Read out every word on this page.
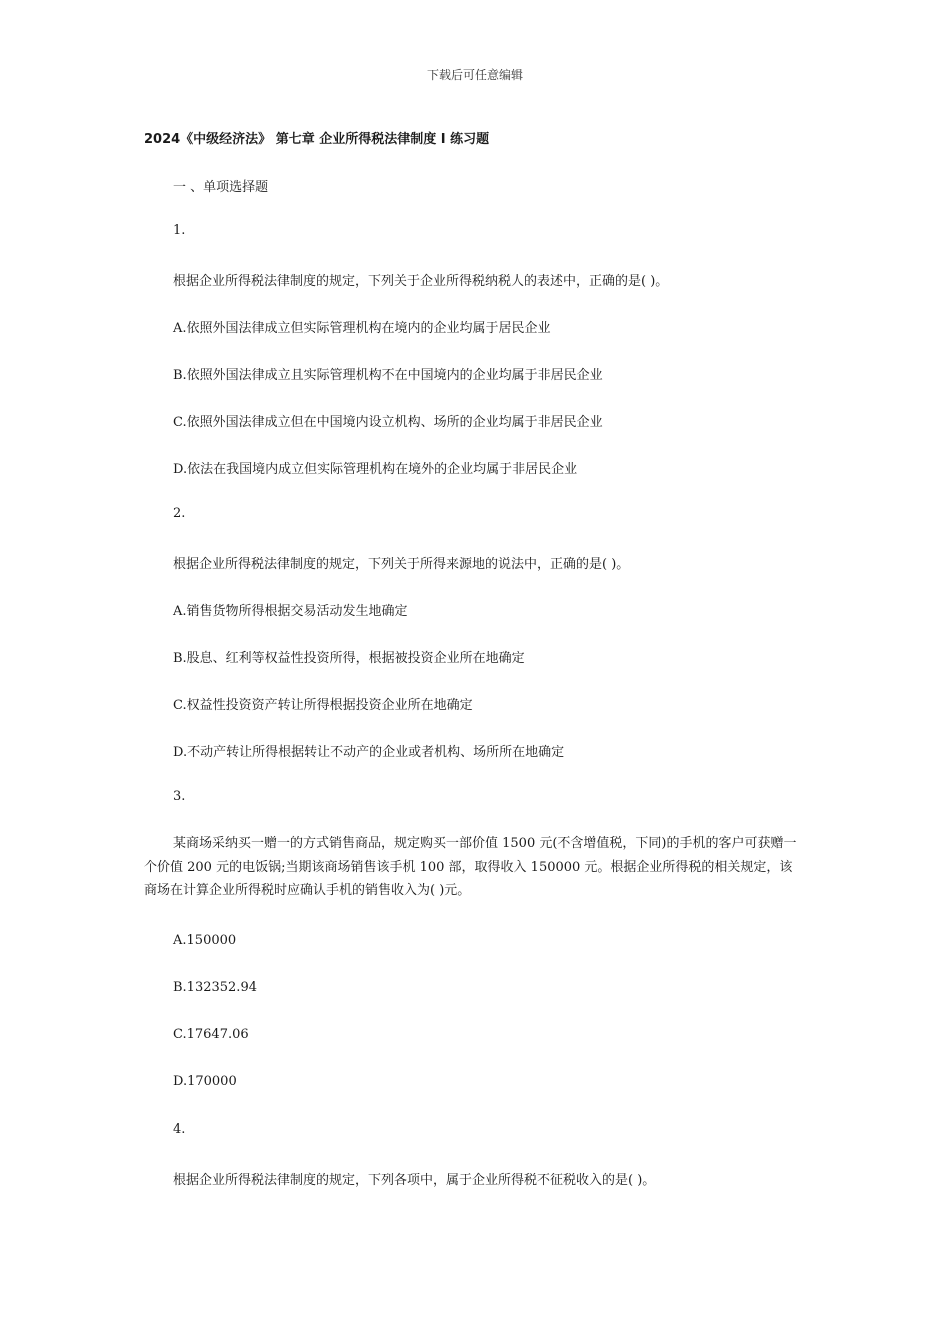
下载后可任意编辑
2024《中级经济法》 第七章 企业所得税法律制度 I 练习题
一 、单项选择题
1.
根据企业所得税法律制度的规定，下列关于企业所得税纳税人的表述中，正确的是( )。
A.依照外国法律成立但实际管理机构在境内的企业均属于居民企业
B.依照外国法律成立且实际管理机构不在中国境内的企业均属于非居民企业
C.依照外国法律成立但在中国境内设立机构、场所的企业均属于非居民企业
D.依法在我国境内成立但实际管理机构在境外的企业均属于非居民企业
2.
根据企业所得税法律制度的规定，下列关于所得来源地的说法中，正确的是( )。
A.销售货物所得根据交易活动发生地确定
B.股息、红利等权益性投资所得，根据被投资企业所在地确定
C.权益性投资资产转让所得根据投资企业所在地确定
D.不动产转让所得根据转让不动产的企业或者机构、场所所在地确定
3.
某商场采纳买一赠一的方式销售商品，规定购买一部价值 1500 元(不含增值税，下同)的手机的客户可获赠一个价值 200 元的电饭锅;当期该商场销售该手机 100 部，取得收入 150000 元。根据企业所得税的相关规定，该商场在计算企业所得税时应确认手机的销售收入为( )元。
A.150000
B.132352.94
C.17647.06
D.170000
4.
根据企业所得税法律制度的规定，下列各项中，属于企业所得税不征税收入的是( )。
